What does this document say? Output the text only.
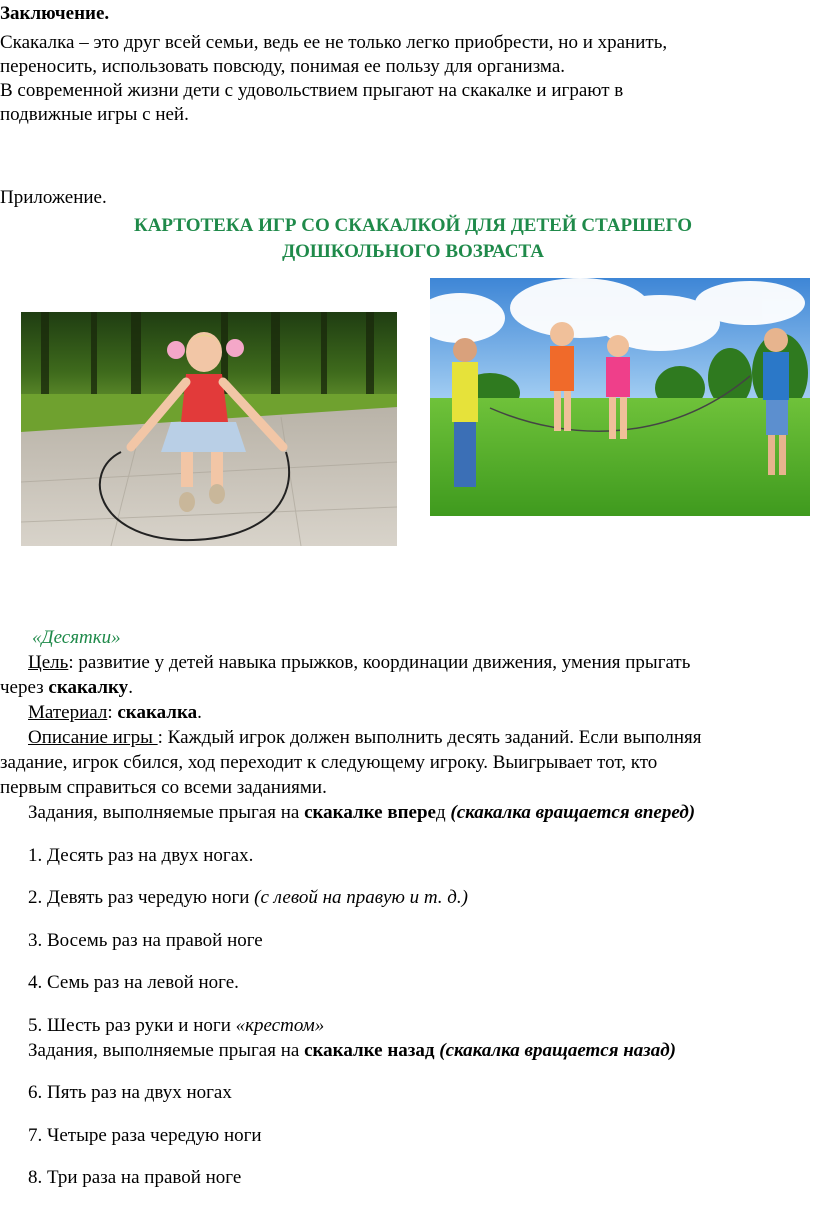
Заключение.
Скакалка – это друг всей семьи, ведь ее не только легко приобрести, но и хранить,
переносить, использовать повсюду, понимая ее пользу для организма.
В современной жизни дети с удовольствием прыгают на скакалке и играют в
подвижные игры с ней.
Приложение.
КАРТОТЕКА ИГР СО СКАКАЛКОЙ ДЛЯ ДЕТЕЙ СТАРШЕГО
ДОШКОЛЬНОГО ВОЗРАСТА
«Десятки»
Цель: развитие у детей навыка прыжков, координации движения, умения прыгать
через скакалку.
Материал: скакалка.
Описание игры : Каждый игрок должен выполнить десять заданий. Если выполняя
задание, игрок сбился, ход переходит к следующему игроку. Выигрывает тот, кто
первым справиться со всеми заданиями.
Задания, выполняемые прыгая на скакалке вперед (скакалка вращается вперед)
1. Десять раз на двух ногах.
2. Девять раз чередую ноги (с левой на правую и т. д.)
3. Восемь раз на правой ноге
4. Семь раз на левой ноге.
5. Шесть раз руки и ноги «крестом»
Задания, выполняемые прыгая на скакалке назад (скакалка вращается назад)
6. Пять раз на двух ногах
7. Четыре раза чередую ноги
8. Три раза на правой ноге
